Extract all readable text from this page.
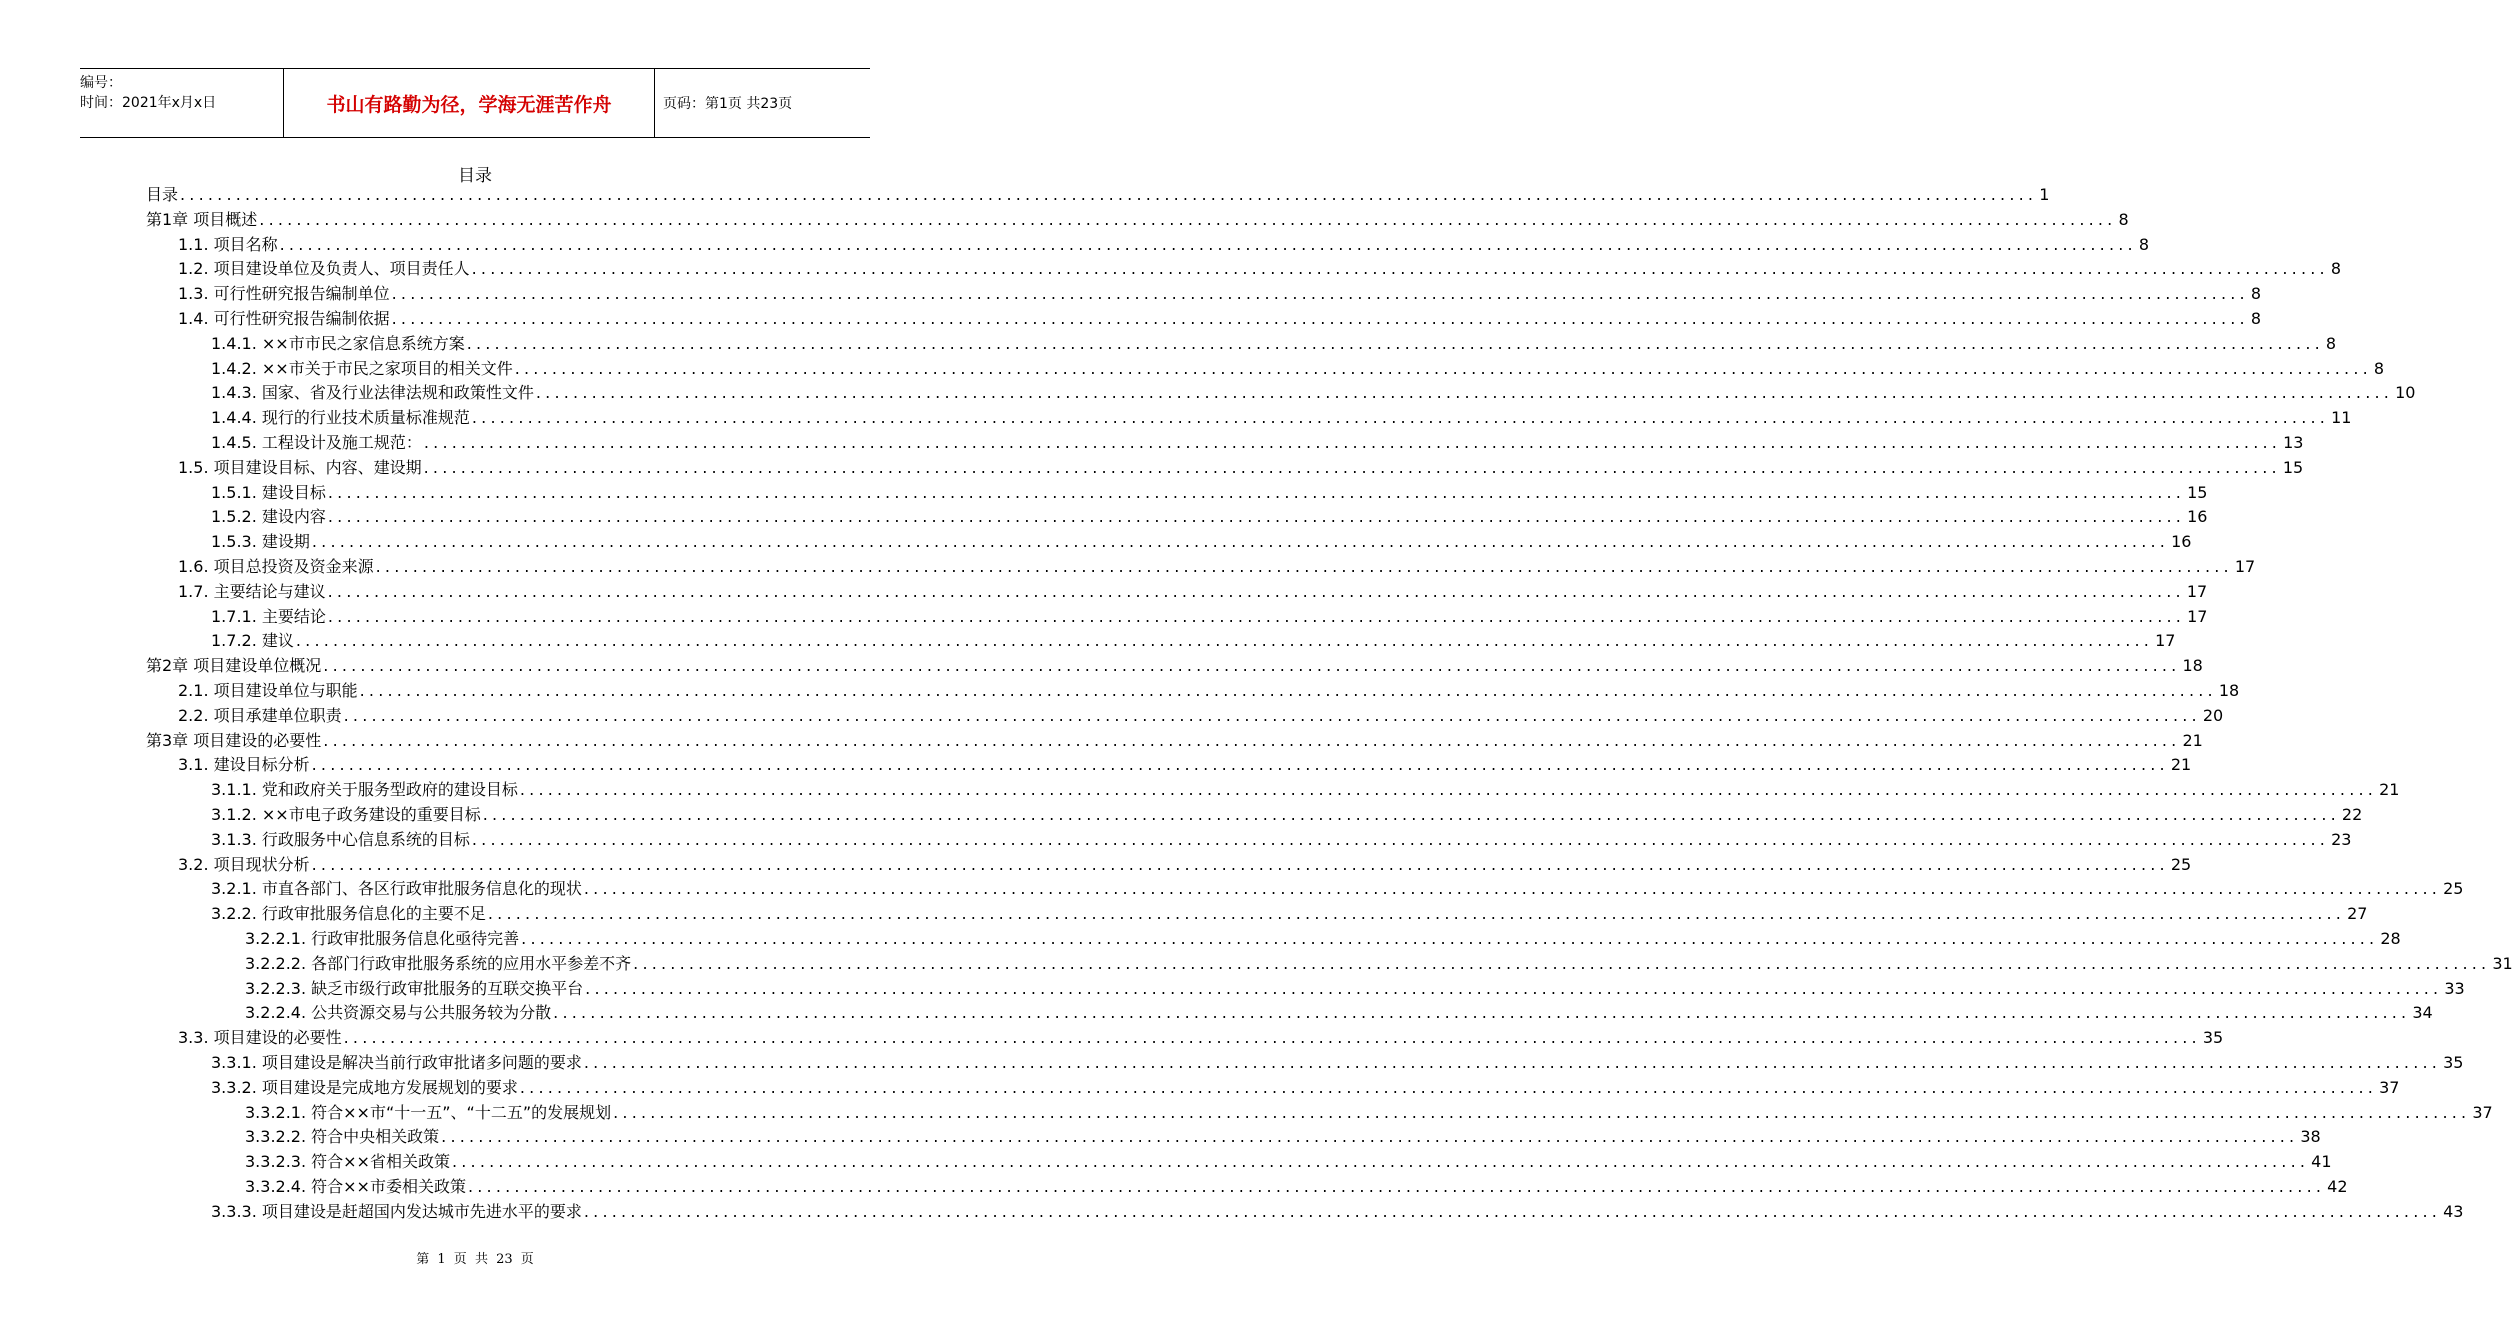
编号：
时间：2021年x月x日	书山有路勤为径，学海无涯苦作舟	页码：第1页 共23页
目录
目录 ........................................................................................................................................................................................................ 1
第1章 项目概述 ........................................................................................................................................................................................................ 8
1.1. 项目名称 ........................................................................................................................................................................................................ 8
1.2. 项目建设单位及负责人、项目责任人 ........................................................................................................................................................................................................ 8
1.3. 可行性研究报告编制单位 ........................................................................................................................................................................................................ 8
1.4. 可行性研究报告编制依据 ........................................................................................................................................................................................................ 8
1.4.1. ××市市民之家信息系统方案 ........................................................................................................................................................................................................ 8
1.4.2. ××市关于市民之家项目的相关文件 ........................................................................................................................................................................................................ 8
1.4.3. 国家、省及行业法律法规和政策性文件 ........................................................................................................................................................................................................ 10
1.4.4. 现行的行业技术质量标准规范 ........................................................................................................................................................................................................ 11
1.4.5. 工程设计及施工规范： ........................................................................................................................................................................................................ 13
1.5. 项目建设目标、内容、建设期 ........................................................................................................................................................................................................ 15
1.5.1. 建设目标 ........................................................................................................................................................................................................ 15
1.5.2. 建设内容 ........................................................................................................................................................................................................ 16
1.5.3. 建设期 ........................................................................................................................................................................................................ 16
1.6. 项目总投资及资金来源 ........................................................................................................................................................................................................ 17
1.7. 主要结论与建议 ........................................................................................................................................................................................................ 17
1.7.1. 主要结论 ........................................................................................................................................................................................................ 17
1.7.2. 建议 ........................................................................................................................................................................................................ 17
第2章 项目建设单位概况 ........................................................................................................................................................................................................ 18
2.1. 项目建设单位与职能 ........................................................................................................................................................................................................ 18
2.2. 项目承建单位职责 ........................................................................................................................................................................................................ 20
第3章 项目建设的必要性 ........................................................................................................................................................................................................ 21
3.1. 建设目标分析 ........................................................................................................................................................................................................ 21
3.1.1. 党和政府关于服务型政府的建设目标 ........................................................................................................................................................................................................ 21
3.1.2. ××市电子政务建设的重要目标 ........................................................................................................................................................................................................ 22
3.1.3. 行政服务中心信息系统的目标 ........................................................................................................................................................................................................ 23
3.2. 项目现状分析 ........................................................................................................................................................................................................ 25
3.2.1. 市直各部门、各区行政审批服务信息化的现状 ........................................................................................................................................................................................................ 25
3.2.2. 行政审批服务信息化的主要不足 ........................................................................................................................................................................................................ 27
3.2.2.1. 行政审批服务信息化亟待完善 ........................................................................................................................................................................................................ 28
3.2.2.2. 各部门行政审批服务系统的应用水平参差不齐 ........................................................................................................................................................................................................ 31
3.2.2.3. 缺乏市级行政审批服务的互联交换平台 ........................................................................................................................................................................................................ 33
3.2.2.4. 公共资源交易与公共服务较为分散 ........................................................................................................................................................................................................ 34
3.3. 项目建设的必要性 ........................................................................................................................................................................................................ 35
3.3.1. 项目建设是解决当前行政审批诸多问题的要求 ........................................................................................................................................................................................................ 35
3.3.2. 项目建设是完成地方发展规划的要求 ........................................................................................................................................................................................................ 37
3.3.2.1. 符合××市“十一五”、“十二五”的发展规划 ........................................................................................................................................................................................................ 37
3.3.2.2. 符合中央相关政策 ........................................................................................................................................................................................................ 38
3.3.2.3. 符合××省相关政策 ........................................................................................................................................................................................................ 41
3.3.2.4. 符合××市委相关政策 ........................................................................................................................................................................................................ 42
3.3.3. 项目建设是赶超国内发达城市先进水平的要求 ........................................................................................................................................................................................................ 43
第 1 页 共 23 页
